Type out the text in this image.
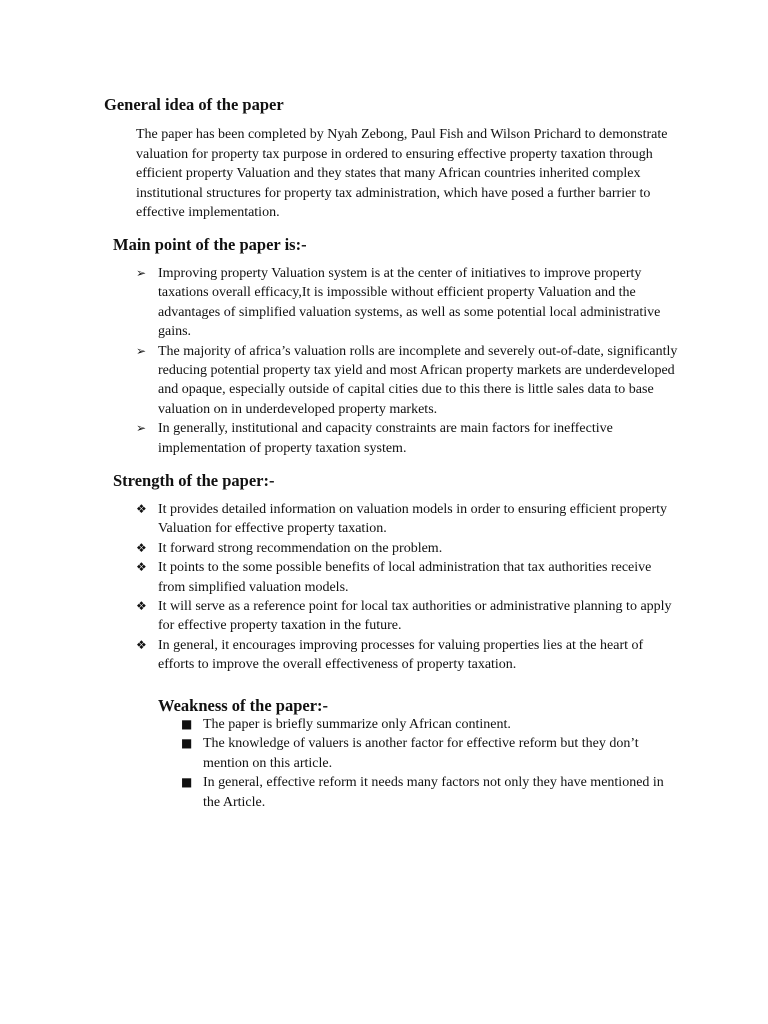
General idea of the paper

The paper has been completed by Nyah Zebong, Paul Fish and Wilson Prichard to demonstrate valuation for property tax purpose in ordered to ensuring effective property taxation through efficient property Valuation and they states that many African countries inherited complex institutional structures for property tax administration, which have posed a further barrier to effective implementation.

Main point of the paper is:-
➢ Improving property Valuation system is at the center of initiatives to improve property taxations overall efficacy,It is impossible without efficient property Valuation and the advantages of simplified valuation systems, as well as some potential local administrative gains.
➢ The majority of africa’s valuation rolls are incomplete and severely out-of-date, significantly reducing potential property tax yield and most African property markets are underdeveloped and opaque, especially outside of capital cities due to this there is little sales data to base valuation on in underdeveloped property markets.
➢ In generally, institutional and capacity constraints are main factors for ineffective implementation of property taxation system.
Strength of the paper:-
❖ It provides detailed information on valuation models in order to ensuring efficient property Valuation for effective property taxation.
❖ It forward strong recommendation on the problem.
❖ It points to the some possible benefits of local administration that tax authorities receive from simplified valuation models.
❖ It will serve as a reference point for local tax authorities or administrative planning to apply for effective property taxation in the future.
❖ In general, it encourages improving processes for valuing properties lies at the heart of efforts to improve the overall effectiveness of property taxation.
Weakness of the paper:-
■ The paper is briefly summarize only African continent.
■ The knowledge of valuers is another factor for effective reform but they don’t mention on this article.
■ In general, effective reform it needs many factors not only they have mentioned in the Article.
